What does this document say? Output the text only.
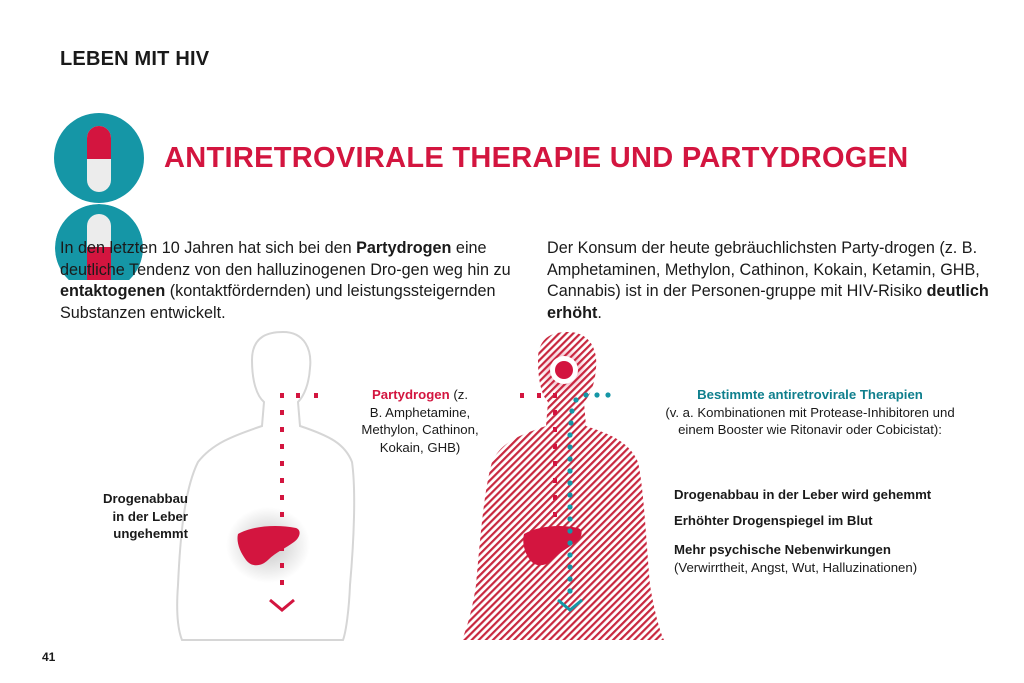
LEBEN MIT HIV
ANTIRETROVIRALE THERAPIE UND PARTYDROGEN
In den letzten 10 Jahren hat sich bei den Partydrogen eine deutliche Tendenz von den halluzinogenen Dro-gen weg hin zu entaktogenen (kontaktfördernden) und leistungssteigernden Substanzen entwickelt.
Der Konsum der heute gebräuchlichsten Party-drogen (z. B. Amphetaminen, Methylon, Cathinon, Kokain, Ketamin, GHB, Cannabis) ist in der Personen-gruppe mit HIV-Risiko deutlich erhöht.
Partydrogen (z.
B. Amphetamine,
Methylon, Cathinon,
Kokain, GHB)
Bestimmte antiretrovirale Therapien
(v. a. Kombinationen mit Protease-Inhibitoren und
einem Booster wie Ritonavir oder Cobicistat):
Drogenabbau
in der Leber
ungehemmt
Drogenabbau in der Leber wird gehemmt
Erhöhter Drogenspiegel im Blut
Mehr psychische Nebenwirkungen
(Verwirrtheit, Angst, Wut, Halluzinationen)
41
